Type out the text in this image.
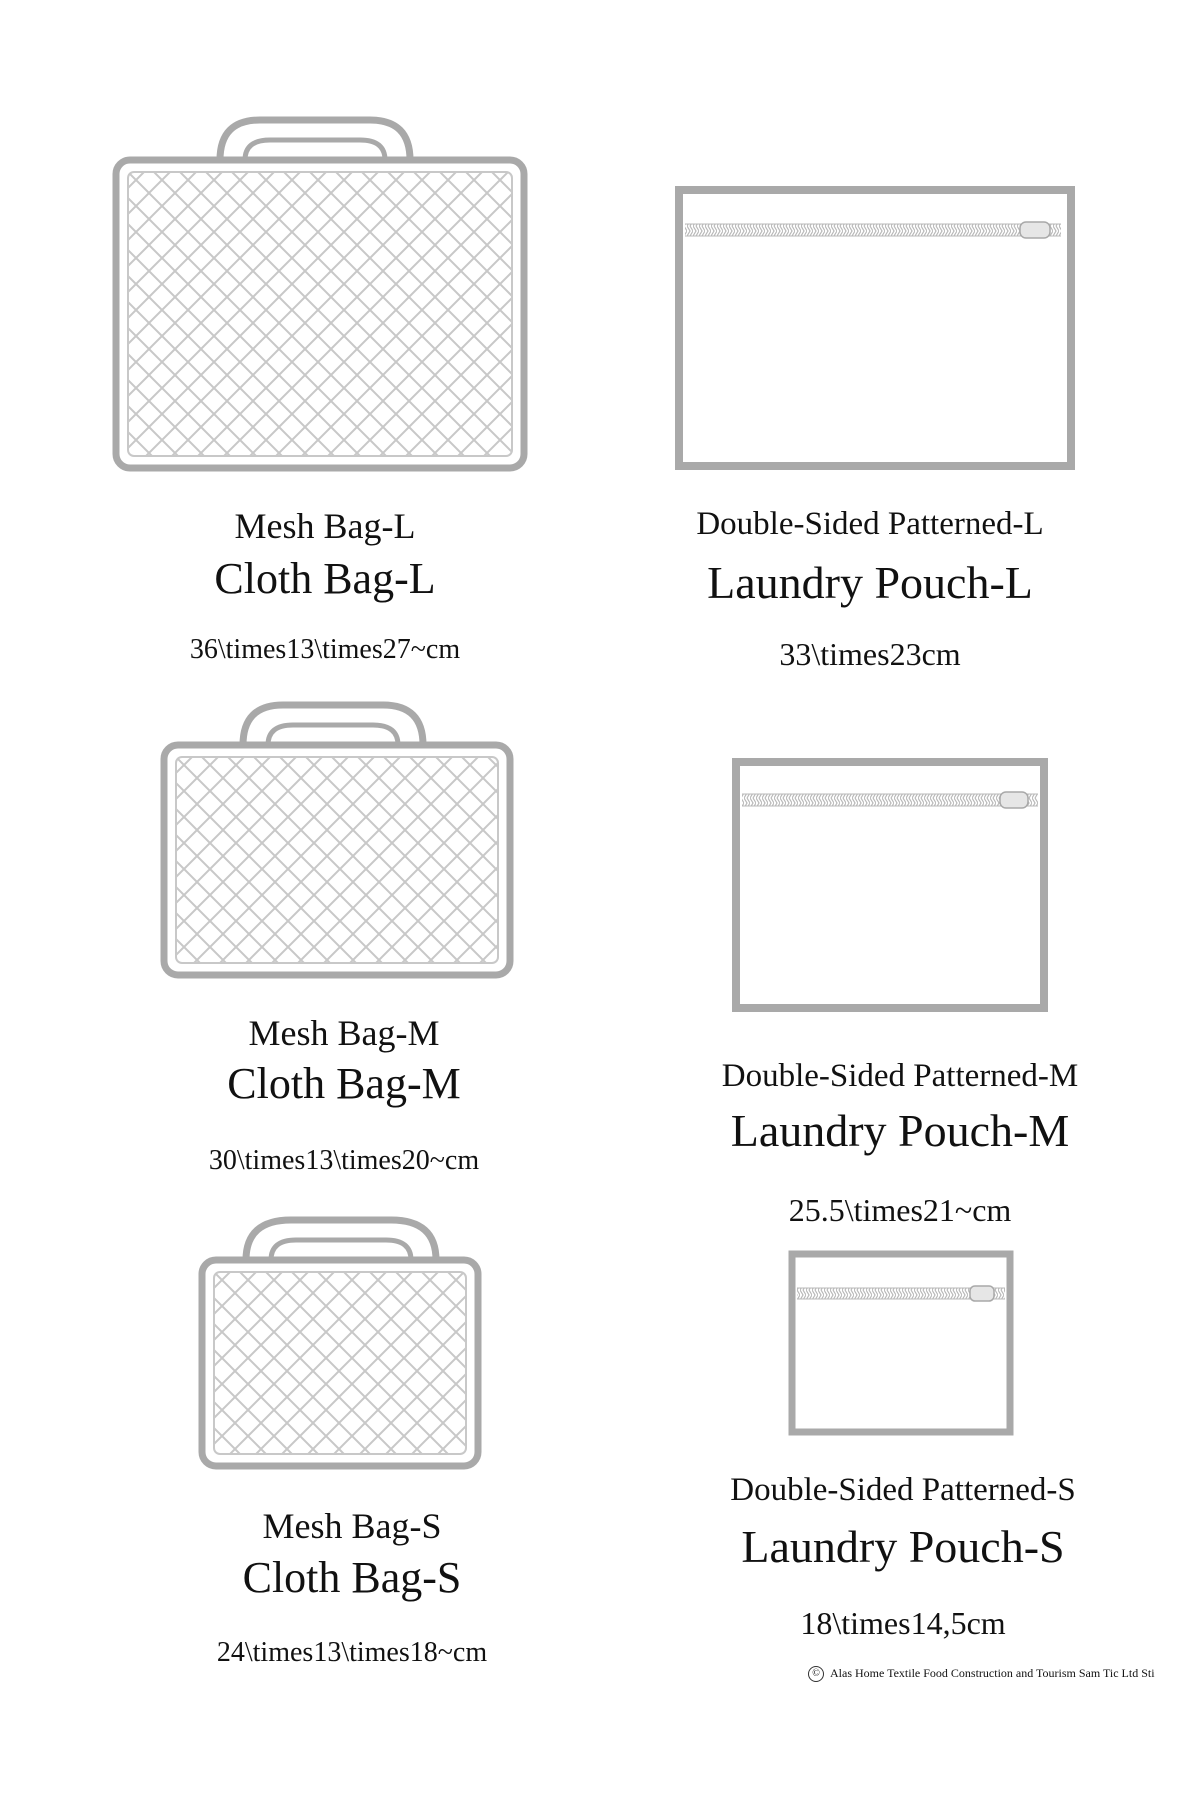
Mesh Bag-L
Cloth Bag-L
36\times13\times27~cm
Double-Sided Patterned-L
Laundry Pouch-L
33\times23cm
Mesh Bag-M
Cloth Bag-M
30\times13\times20~cm
Double-Sided Patterned-M
Laundry Pouch-M
25.5\times21~cm
Mesh Bag-S
Cloth Bag-S
24\times13\times18~cm
Double-Sided Patterned-S
Laundry Pouch-S
18\times14,5cm
© Alas Home Textile Food Construction and Tourism Sam Tic Ltd Sti
